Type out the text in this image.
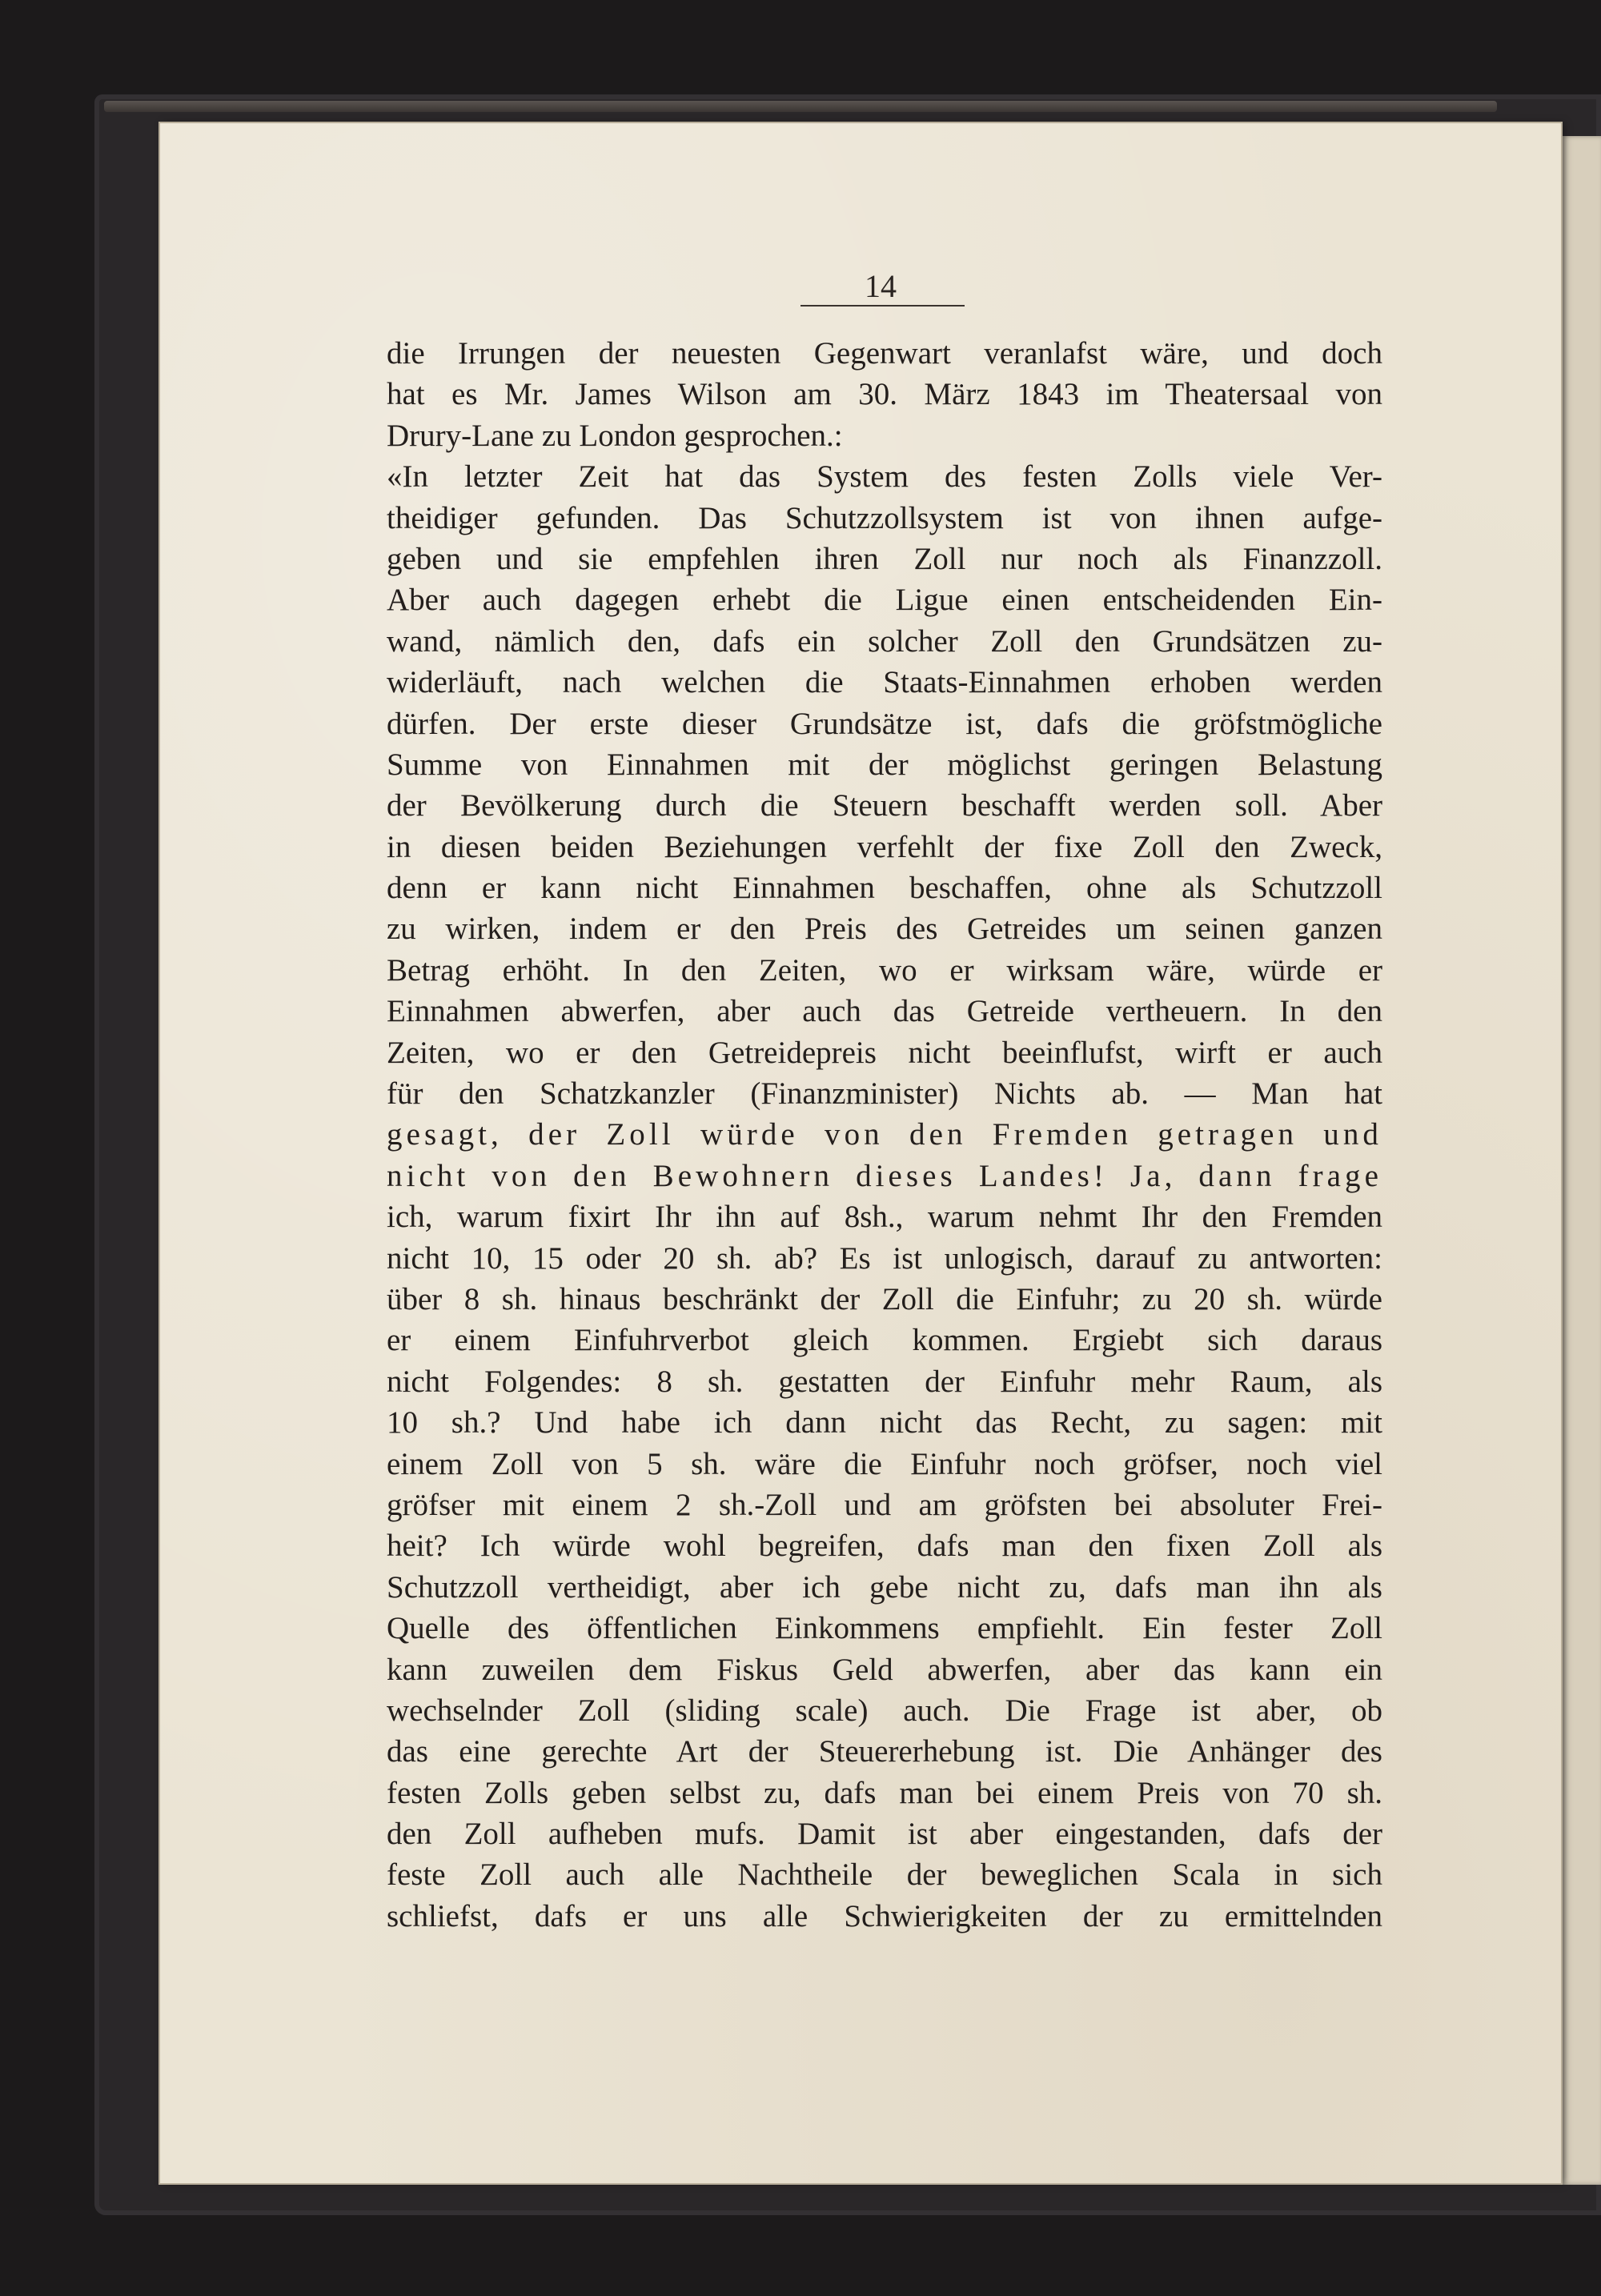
14
die Irrungen der neuesten Gegenwart veranlafst wäre, und doch
hat es Mr. James Wilson am 30. März 1843 im Theatersaal von
Drury-Lane zu London gesprochen.:
«In letzter Zeit hat das System des festen Zolls viele Ver-
theidiger gefunden. Das Schutzzollsystem ist von ihnen aufge-
geben und sie empfehlen ihren Zoll nur noch als Finanzzoll.
Aber auch dagegen erhebt die Ligue einen entscheidenden Ein-
wand, nämlich den, dafs ein solcher Zoll den Grundsätzen zu-
widerläuft, nach welchen die Staats-Einnahmen erhoben werden
dürfen. Der erste dieser Grundsätze ist, dafs die gröfstmögliche
Summe von Einnahmen mit der möglichst geringen Belastung
der Bevölkerung durch die Steuern beschafft werden soll. Aber
in diesen beiden Beziehungen verfehlt der fixe Zoll den Zweck,
denn er kann nicht Einnahmen beschaffen, ohne als Schutzzoll
zu wirken, indem er den Preis des Getreides um seinen ganzen
Betrag erhöht. In den Zeiten, wo er wirksam wäre, würde er
Einnahmen abwerfen, aber auch das Getreide vertheuern. In den
Zeiten, wo er den Getreidepreis nicht beeinflufst, wirft er auch
für den Schatzkanzler (Finanzminister) Nichts ab. — Man hat
gesagt, der Zoll würde von den Fremden getragen und
nicht von den Bewohnern dieses Landes! Ja, dann frage
ich, warum fixirt Ihr ihn auf 8sh., warum nehmt Ihr den Fremden
nicht 10, 15 oder 20 sh. ab? Es ist unlogisch, darauf zu antworten:
über 8 sh. hinaus beschränkt der Zoll die Einfuhr; zu 20 sh. würde
er einem Einfuhrverbot gleich kommen. Ergiebt sich daraus
nicht Folgendes: 8 sh. gestatten der Einfuhr mehr Raum, als
10 sh.? Und habe ich dann nicht das Recht, zu sagen: mit
einem Zoll von 5 sh. wäre die Einfuhr noch gröfser, noch viel
gröfser mit einem 2 sh.-Zoll und am gröfsten bei absoluter Frei-
heit? Ich würde wohl begreifen, dafs man den fixen Zoll als
Schutzzoll vertheidigt, aber ich gebe nicht zu, dafs man ihn als
Quelle des öffentlichen Einkommens empfiehlt. Ein fester Zoll
kann zuweilen dem Fiskus Geld abwerfen, aber das kann ein
wechselnder Zoll (sliding scale) auch. Die Frage ist aber, ob
das eine gerechte Art der Steuererhebung ist. Die Anhänger des
festen Zolls geben selbst zu, dafs man bei einem Preis von 70 sh.
den Zoll aufheben mufs. Damit ist aber eingestanden, dafs der
feste Zoll auch alle Nachtheile der beweglichen Scala in sich
schliefst, dafs er uns alle Schwierigkeiten der zu ermittelnden
